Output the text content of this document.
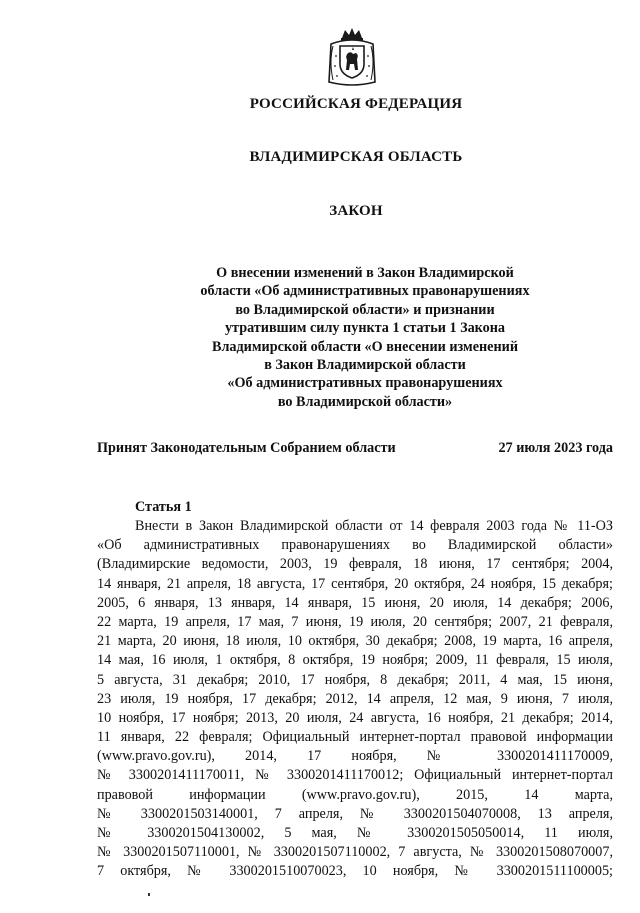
РОССИЙСКАЯ ФЕДЕРАЦИЯ
ВЛАДИМИРСКАЯ ОБЛАСТЬ
ЗАКОН
О внесении изменений в Закон Владимирской
области «Об административных правонарушениях
во Владимирской области» и признании
утратившим силу пункта 1 статьи 1 Закона
Владимирской области «О внесении изменений
в Закон Владимирской области
«Об административных правонарушениях
во Владимирской области»
Принят Законодательным Собранием области	27 июля 2023 года
Статья 1
Внести в Закон Владимирской области от 14 февраля 2003 года № 11-ОЗ
«Об административных правонарушениях во Владимирской области»
(Владимирские ведомости, 2003, 19 февраля, 18 июня, 17 сентября; 2004,
14 января, 21 апреля, 18 августа, 17 сентября, 20 октября, 24 ноября, 15 декабря;
2005, 6 января, 13 января, 14 января, 15 июня, 20 июля, 14 декабря; 2006,
22 марта, 19 апреля, 17 мая, 7 июня, 19 июля, 20 сентября; 2007, 21 февраля,
21 марта, 20 июня, 18 июля, 10 октября, 30 декабря; 2008, 19 марта, 16 апреля,
14 мая, 16 июля, 1 октября, 8 октября, 19 ноября; 2009, 11 февраля, 15 июля,
5 августа, 31 декабря; 2010, 17 ноября, 8 декабря; 2011, 4 мая, 15 июня,
23 июля, 19 ноября, 17 декабря; 2012, 14 апреля, 12 мая, 9 июня, 7 июля,
10 ноября, 17 ноября; 2013, 20 июля, 24 августа, 16 ноября, 21 декабря; 2014,
11 января, 22 февраля; Официальный интернет-портал правовой информации
(www.pravo.gov.ru), 2014, 17 ноября, № 3300201411170009,
№ 3300201411170011, № 3300201411170012; Официальный интернет-портал
правовой информации (www.pravo.gov.ru), 2015, 14 марта,
№ 3300201503140001, 7 апреля, № 3300201504070008, 13 апреля,
№ 3300201504130002, 5 мая, № 3300201505050014, 11 июля,
№ 3300201507110001, № 3300201507110002, 7 августа, № 3300201508070007,
7 октября, № 3300201510070023, 10 ноября, № 3300201511100005;
